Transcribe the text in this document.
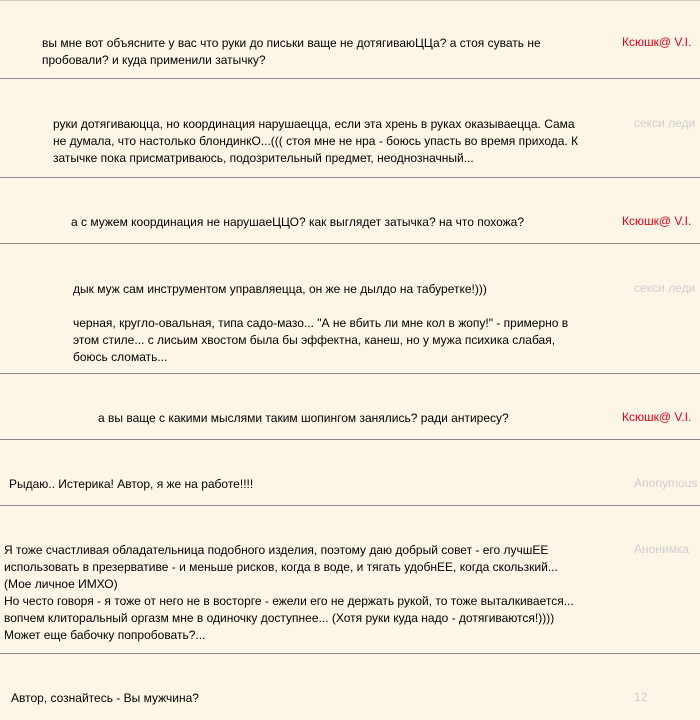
вы мне вот объясните у вас что руки до письки ваще не дотягиваюЦЦа? а стоя сувать не
пробовали? и куда применили затычку?
Ксюшк@ V.I.
руки дотягиваюцца, но координация нарушаецца, если эта хрень в руках оказываецца. Сама
не думала, что настолько блондинкО...((( стоя мне не нра - боюсь упасть во время прихода. К
затычке пока присматриваюсь, подозрительный предмет, неоднозначный...
секси леди
а с мужем координация не нарушаеЦЦО? как выглядет затычка? на что похожа?	Ксюшк@ V.I.
дык муж сам инструментом управляецца, он же не дылдо на табуретке!)))

черная, кругло-овальная, типа садо-мазо... "А не вбить ли мне кол в жопу!" - примерно в
этом стиле... с лисьим хвостом была бы эффектна, канеш, но у мужа психика слабая,
боюсь сломать...
секси леди
а вы ваще с какими мыслями таким шопингом занялись? ради антиресу?	Ксюшк@ V.I.
Рыдаю.. Истерика! Автор, я же на работе!!!!	Anonymous
Я тоже счастливая обладательница подобного изделия, поэтому даю добрый совет - его лучшЕЕ
использовать в презервативе - и меньше рисков, когда в воде, и тягать удобнЕЕ, когда скользкий...
(Мое личное ИМХО)
Но често говоря - я тоже от него не в восторге - ежели его не держать рукой, то тоже выталкивается...
вопчем клиторальный оргазм мне в одиночку доступнее... (Хотя руки куда надо - дотягиваются!))))
Может еще бабочку попробовать?...
Анонимка
Автор, сознайтесь - Вы мужчина?	12
